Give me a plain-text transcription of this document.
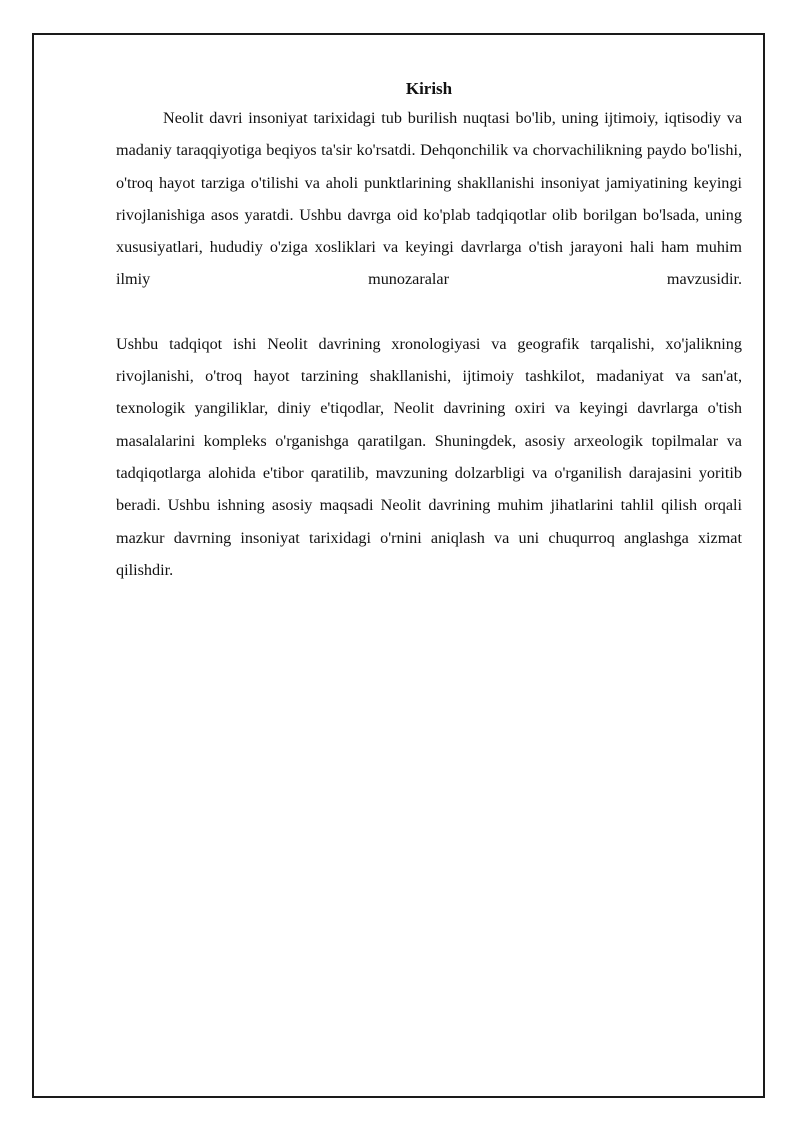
Kirish

Neolit davri insoniyat tarixidagi tub burilish nuqtasi bo'lib, uning ijtimoiy, iqtisodiy va madaniy taraqqiyotiga beqiyos ta'sir ko'rsatdi. Dehqonchilik va chorvachilikning paydo bo'lishi, o'troq hayot tarziga o'tilishi va aholi punktlarining shakllanishi insoniyat jamiyatining keyingi rivojlanishiga asos yaratdi. Ushbu davrga oid ko'plab tadqiqotlar olib borilgan bo'lsada, uning xususiyatlari, hududiy o'ziga xosliklari va keyingi davrlarga o'tish jarayoni hali ham muhim ilmiy munozaralar mavzusidir.

Ushbu tadqiqot ishi Neolit davrining xronologiyasi va geografik tarqalishi, xo'jalikning rivojlanishi, o'troq hayot tarzining shakllanishi, ijtimoiy tashkilot, madaniyat va san'at, texnologik yangiliklar, diniy e'tiqodlar, Neolit davrining oxiri va keyingi davrlarga o'tish masalalarini kompleks o'rganishga qaratilgan. Shuningdek, asosiy arxeologik topilmalar va tadqiqotlarga alohida e'tibor qaratilib, mavzuning dolzarbligi va o'rganilish darajasini yoritib beradi. Ushbu ishning asosiy maqsadi Neolit davrining muhim jihatlarini tahlil qilish orqali mazkur davrning insoniyat tarixidagi o'rnini aniqlash va uni chuqurroq anglashga xizmat qilishdir.
